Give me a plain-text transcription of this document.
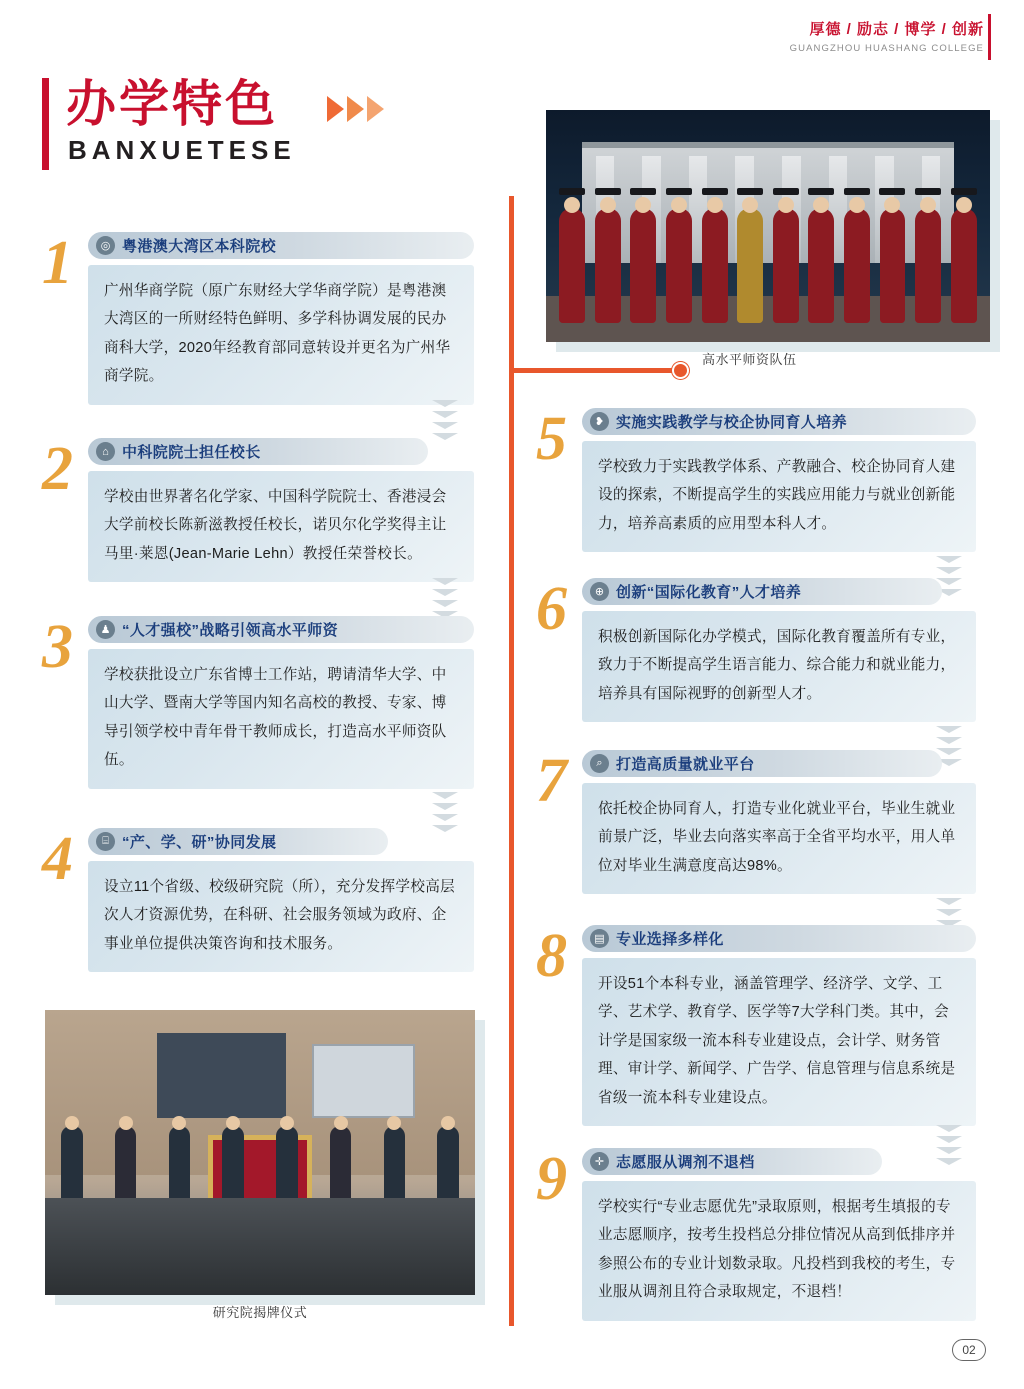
厚德 / 励志 / 博学 / 创新
GUANGZHOU HUASHANG COLLEGE
办学特色
BANXUETESE
高水平师资队伍
研究院揭牌仪式
1	◎ 粤港澳大湾区本科院校
广州华商学院（原广东财经大学华商学院）是粤港澳大湾区的一所财经特色鲜明、多学科协调发展的民办商科大学，2020年经教育部同意转设并更名为广州华商学院。
2	⌂ 中科院院士担任校长
学校由世界著名化学家、中国科学院院士、香港浸会大学前校长陈新滋教授任校长，诺贝尔化学奖得主让马里·莱恩(Jean-Marie Lehn）教授任荣誉校长。
3	♟ “人才强校”战略引领高水平师资
学校获批设立广东省博士工作站，聘请清华大学、中山大学、暨南大学等国内知名高校的教授、专家、博导引领学校中青年骨干教师成长，打造高水平师资队伍。
4	⌸ “产、学、研”协同发展
设立11个省级、校级研究院（所），充分发挥学校高层次人才资源优势，在科研、社会服务领域为政府、企事业单位提供决策咨询和技术服务。
5	❥ 实施实践教学与校企协同育人培养
学校致力于实践教学体系、产教融合、校企协同育人建设的探索，不断提高学生的实践应用能力与就业创新能力，培养高素质的应用型本科人才。
6	⊕ 创新“国际化教育”人才培养
积极创新国际化办学模式，国际化教育覆盖所有专业，致力于不断提高学生语言能力、综合能力和就业能力，培养具有国际视野的创新型人才。
7	⌕ 打造高质量就业平台
依托校企协同育人，打造专业化就业平台，毕业生就业前景广泛，毕业去向落实率高于全省平均水平，用人单位对毕业生满意度高达98%。
8	▤ 专业选择多样化
开设51个本科专业，涵盖管理学、经济学、文学、工学、艺术学、教育学、医学等7大学科门类。其中，会计学是国家级一流本科专业建设点，会计学、财务管理、审计学、新闻学、广告学、信息管理与信息系统是省级一流本科专业建设点。
9	✛ 志愿服从调剂不退档
学校实行“专业志愿优先”录取原则，根据考生填报的专业志愿顺序，按考生投档总分排位情况从高到低排序并参照公布的专业计划数录取。凡投档到我校的考生，专业服从调剂且符合录取规定，不退档！
02
